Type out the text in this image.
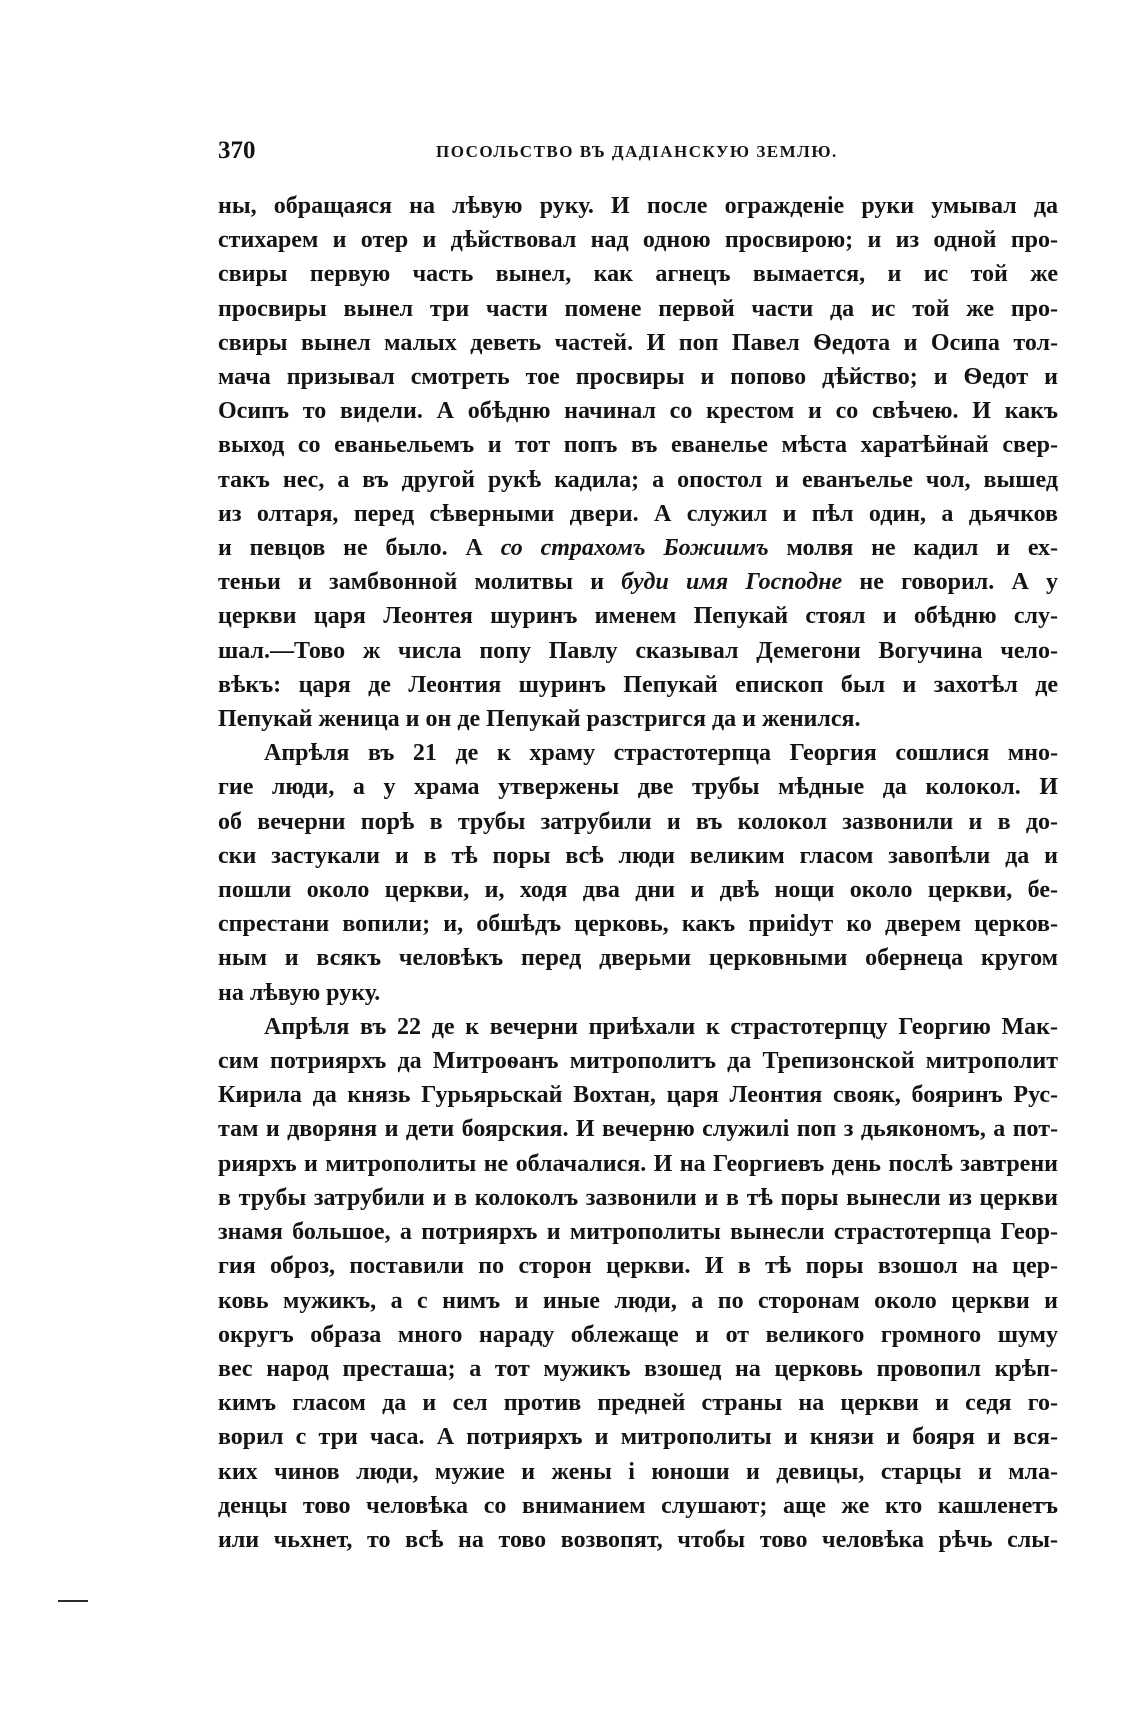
370	ПОСОЛЬСТВО ВЪ ДАДІАНСКУЮ ЗЕМЛЮ.
ны, обращаяся на лѣвую руку. И после огражденіе руки умывал да
стихарем и отер и дѣйствовал над одною просвирою; и из одной про-
свиры первую часть вынел, как агнецъ вымается, и ис той же
просвиры вынел три части помене первой части да ис той же про-
свиры вынел малых деветь частей. И поп Павел Ѳедота и Осипа тол-
мача призывал смотреть тое просвиры и попово дѣйство; и Ѳедот и
Осипъ то видели. А обѣдню начинал со крестом и со свѣчею. И какъ
выход со еваньельемъ и тот попъ въ еванелье мѣста харатѣйнай свер-
такъ нес, а въ другой рукѣ кадила; а опостол и еванъелье чол, вышед
из олтаря, перед сѣверными двери. А служил и пѣл один, а дьячков
и певцов не было. А со страхомъ Божиимъ молвя не кадил и ех-
теньи и замбвонной молитвы и буди имя Господне не говорил. А у
церкви царя Леонтея шуринъ именем Пепукай стоял и обѣдню слу-
шал.—Тово ж числа попу Павлу сказывал Демегони Вогучина чело-
вѣкъ: царя де Леонтия шуринъ Пепукай епископ был и захотѣл де
Пепукай женица и он де Пепукай разстригся да и женился.
Апрѣля въ 21 де к храму страстотерпца Георгия сошлися мно-
гие люди, а у храма утвержены две трубы мѣдные да колокол. И
об вечерни порѣ в трубы затрубили и въ колокол зазвонили и в до-
ски застукали и в тѣ поры всѣ люди великим гласом завопѣли да и
пошли около церкви, и, ходя два дни и двѣ нощи около церкви, бе-
спрестани вопили; и, обшѣдъ церковь, какъ приidут ко дверем церков-
ным и всякъ человѣкъ перед дверьми церковными обернеца кругом
на лѣвую руку.
Апрѣля въ 22 де к вечерни приѣхали к страстотерпцу Георгию Мак-
сим потриярхъ да Митроѳанъ митрополитъ да Трепизонской митрополит
Кирила да князь Гурьярьскай Вохтан, царя Леонтия свояк, бояринъ Рус-
там и дворяня и дети боярския. И вечерню служилі поп з дьякономъ, а пот-
риярхъ и митрополиты не облачалися. И на Георгиевъ день послѣ завтрени
в трубы затрубили и в колоколъ зазвонили и в тѣ поры вынесли из церкви
знамя большое, а потриярхъ и митрополиты вынесли страстотерпца Геор-
гия оброз, поставили по сторон церкви. И в тѣ поры взошол на цер-
ковь мужикъ, а с нимъ и иные люди, а по сторонам около церкви и
округъ образа много нараду облежаще и от великого громного шуму
вес народ престаша; а тот мужикъ взошед на церковь провопил крѣп-
кимъ гласом да и сел против предней страны на церкви и седя го-
ворил с три часа. А потриярхъ и митрополиты и князи и бояря и вся-
ких чинов люди, мужие и жены і юноши и девицы, старцы и мла-
денцы тово человѣка со вниманием слушают; аще же кто кашленетъ
или чьхнет, то всѣ на тово возвопят, чтобы тово человѣка рѣчь слы-
